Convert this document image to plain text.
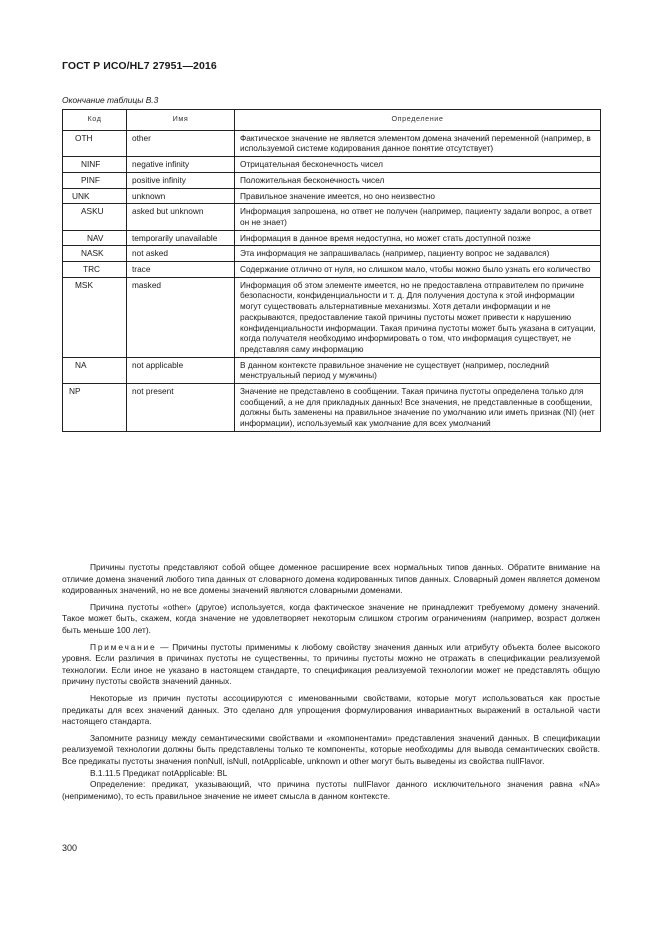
ГОСТ Р ИСО/HL7 27951—2016
Окончание таблицы В.3
Код	Имя	Определение
OTH	other	Фактическое значение не является элементом домена значений переменной (например, в используемой системе кодирования данное понятие отсутствует)
NINF	negative infinity	Отрицательная бесконечность чисел
PINF	positive infinity	Положительная бесконечность чисел
UNK	unknown	Правильное значение имеется, но оно неизвестно
ASKU	asked but unknown	Информация запрошена, но ответ не получен (например, пациенту задали вопрос, а ответ он не знает)
NAV	temporarily unavailable	Информация в данное время недоступна, но может стать доступной позже
NASK	not asked	Эта информация не запрашивалась (например, пациенту вопрос не задавался)
TRC	trace	Содержание отлично от нуля, но слишком мало, чтобы можно было узнать его количество
MSK	masked	Информация об этом элементе имеется, но не предоставлена отправителем по причине безопасности, конфиденциальности и т. д. Для получения доступа к этой информации могут существовать альтернативные механизмы. Хотя детали информации и не раскрываются, предоставление такой причины пустоты может привести к нарушению конфиденциальности информации. Такая причина пустоты может быть указана в ситуации, когда получателя необходимо информировать о том, что информация существует, не представляя саму информацию
NA	not applicable	В данном контексте правильное значение не существует (например, последний менструальный период у мужчины)
NP	not present	Значение не представлено в сообщении. Такая причина пустоты определена только для сообщений, а не для прикладных данных! Все значения, не представленные в сообщении, должны быть заменены на правильное значение по умолчанию или иметь признак (NI) (нет информации), используемый как умолчание для всех умолчаний

Причины пустоты представляют собой общее доменное расширение всех нормальных типов данных. Обратите внимание на отличие домена значений любого типа данных от словарного домена кодированных типов данных. Словарный домен является доменом кодированных значений, но не все домены значений являются словарными доменами.

Причина пустоты «other» (другое) используется, когда фактическое значение не принадлежит требуемому домену значений. Такое может быть, скажем, когда значение не удовлетворяет некоторым слишком строгим ограничениям (например, возраст должен быть меньше 100 лет).

Примечание — Причины пустоты применимы к любому свойству значения данных или атрибуту объекта более высокого уровня. Если различия в причинах пустоты не существенны, то причины пустоты можно не отражать в спецификации реализуемой технологии. Если иное не указано в настоящем стандарте, то спецификация реализуемой технологии может не представлять общую причину пустоты свойств значений данных.

Некоторые из причин пустоты ассоциируются с именованными свойствами, которые могут использоваться как простые предикаты для всех значений данных. Это сделано для упрощения формулирования инвариантных выражений в остальной части настоящего стандарта.

Запомните разницу между семантическими свойствами и «компонентами» представления значений данных. В спецификации реализуемой технологии должны быть представлены только те компоненты, которые необходимы для вывода семантических свойств. Все предикаты пустоты значения nonNull, isNull, notApplicable, unknown и other могут быть выведены из свойства nullFlavor.

В.1.11.5 Предикат notApplicable: BL

Определение: предикат, указывающий, что причина пустоты nullFlavor данного исключительного значения равна «NA» (неприменимо), то есть правильное значение не имеет смысла в данном контексте.

300
